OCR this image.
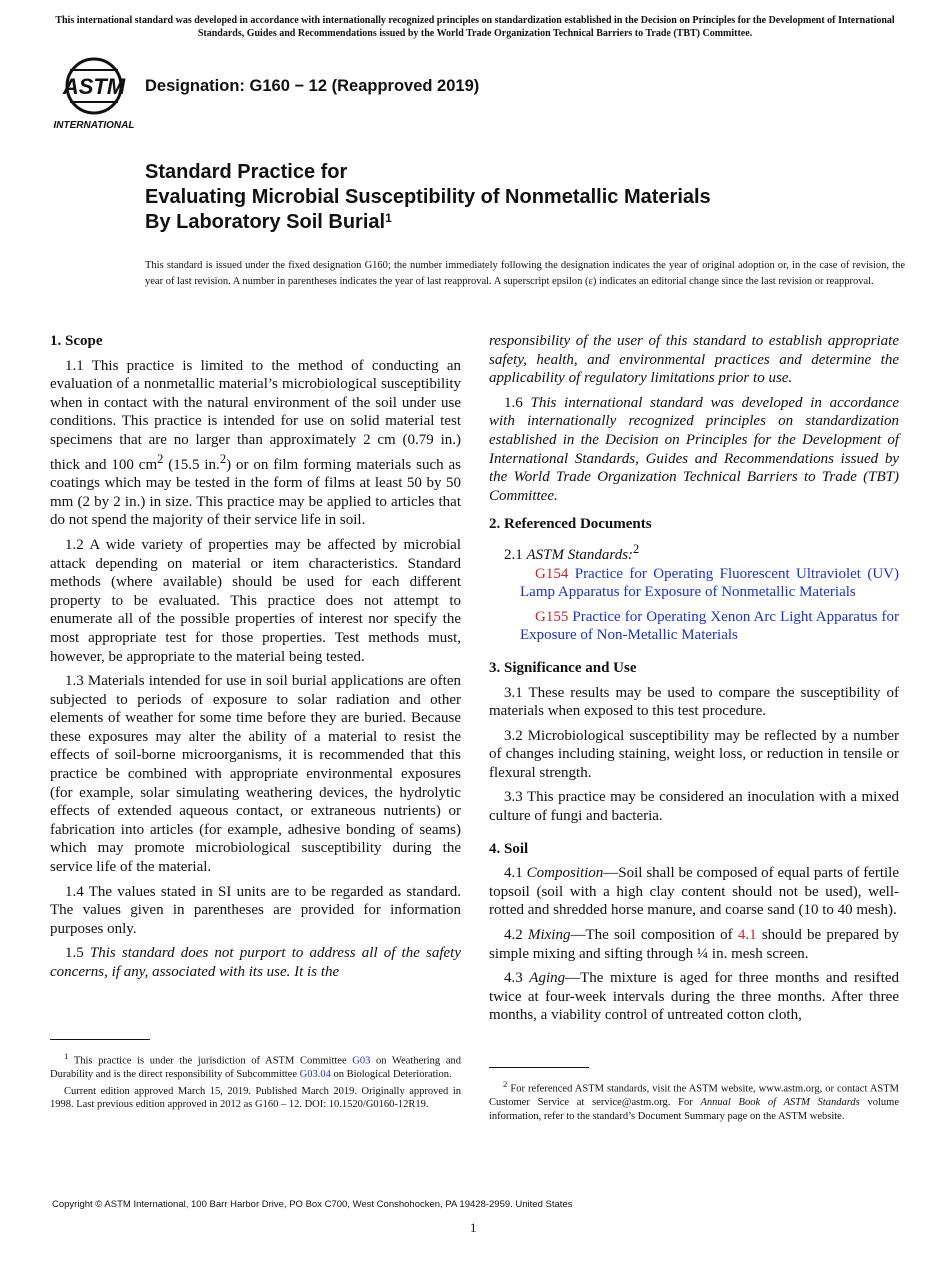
This international standard was developed in accordance with internationally recognized principles on standardization established in the Decision on Principles for the Development of International Standards, Guides and Recommendations issued by the World Trade Organization Technical Barriers to Trade (TBT) Committee.
ASTM
INTERNATIONAL
Designation: G160 − 12 (Reapproved 2019)
Standard Practice for
Evaluating Microbial Susceptibility of Nonmetallic Materials
By Laboratory Soil Burial$^1$
This standard is issued under the fixed designation G160; the number immediately following the designation indicates the year of original adoption or, in the case of revision, the year of last revision. A number in parentheses indicates the year of last reapproval. A superscript epsilon (ε) indicates an editorial change since the last revision or reapproval.
1. Scope

1.1 This practice is limited to the method of conducting an evaluation of a nonmetallic material’s microbiological susceptibility when in contact with the natural environment of the soil under use conditions. This practice is intended for use on solid material test specimens that are no larger than approximately 2 cm (0.79 in.) thick and 100 $cm^2$ (15.5 in.$^2$) or on film forming materials such as coatings which may be tested in the form of films at least 50 by 50 mm (2 by 2 in.) in size. This practice may be applied to articles that do not spend the majority of their service life in soil.

1.2 A wide variety of properties may be affected by microbial attack depending on material or item characteristics. Standard methods (where available) should be used for each different property to be evaluated. This practice does not attempt to enumerate all of the possible properties of interest nor specify the most appropriate test for those properties. Test methods must, however, be appropriate to the material being tested.

1.3 Materials intended for use in soil burial applications are often subjected to periods of exposure to solar radiation and other elements of weather for some time before they are buried. Because these exposures may alter the ability of a material to resist the effects of soil-borne microorganisms, it is recommended that this practice be combined with appropriate environmental exposures (for example, solar simulating weathering devices, the hydrolytic effects of extended aqueous contact, or extraneous nutrients) or fabrication into articles (for example, adhesive bonding of seams) which may promote microbiological susceptibility during the service life of the material.

1.4 The values stated in SI units are to be regarded as standard. The values given in parentheses are provided for information purposes only.

1.5 This standard does not purport to address all of the safety concerns, if any, associated with its use. It is the

$^1$ This practice is under the jurisdiction of ASTM Committee G03 on Weathering and Durability and is the direct responsibility of Subcommittee G03.04 on Biological Deterioration.

Current edition approved March 15, 2019. Published March 2019. Originally approved in 1998. Last previous edition approved in 2012 as G160 – 12. DOI: 10.1520/G0160-12R19.

responsibility of the user of this standard to establish appropriate safety, health, and environmental practices and determine the applicability of regulatory limitations prior to use.

1.6 This international standard was developed in accordance with internationally recognized principles on standardization established in the Decision on Principles for the Development of International Standards, Guides and Recommendations issued by the World Trade Organization Technical Barriers to Trade (TBT) Committee.

2. Referenced Documents

2.1 ASTM Standards:$^2$

G154 Practice for Operating Fluorescent Ultraviolet (UV) Lamp Apparatus for Exposure of Nonmetallic Materials

G155 Practice for Operating Xenon Arc Light Apparatus for Exposure of Non-Metallic Materials

3. Significance and Use

3.1 These results may be used to compare the susceptibility of materials when exposed to this test procedure.

3.2 Microbiological susceptibility may be reflected by a number of changes including staining, weight loss, or reduction in tensile or flexural strength.

3.3 This practice may be considered an inoculation with a mixed culture of fungi and bacteria.

4. Soil

4.1 Composition—Soil shall be composed of equal parts of fertile topsoil (soil with a high clay content should not be used), well-rotted and shredded horse manure, and coarse sand (10 to 40 mesh).

4.2 Mixing—The soil composition of 4.1 should be prepared by simple mixing and sifting through ¼ in. mesh screen.

4.3 Aging—The mixture is aged for three months and resifted twice at four-week intervals during the three months. After three months, a viability control of untreated cotton cloth,

$^2$ For referenced ASTM standards, visit the ASTM website, www.astm.org, or contact ASTM Customer Service at service@astm.org. For Annual Book of ASTM Standards volume information, refer to the standard’s Document Summary page on the ASTM website.

Copyright © ASTM International, 100 Barr Harbor Drive, PO Box C700, West Conshohocken, PA 19428-2959. United States
1
